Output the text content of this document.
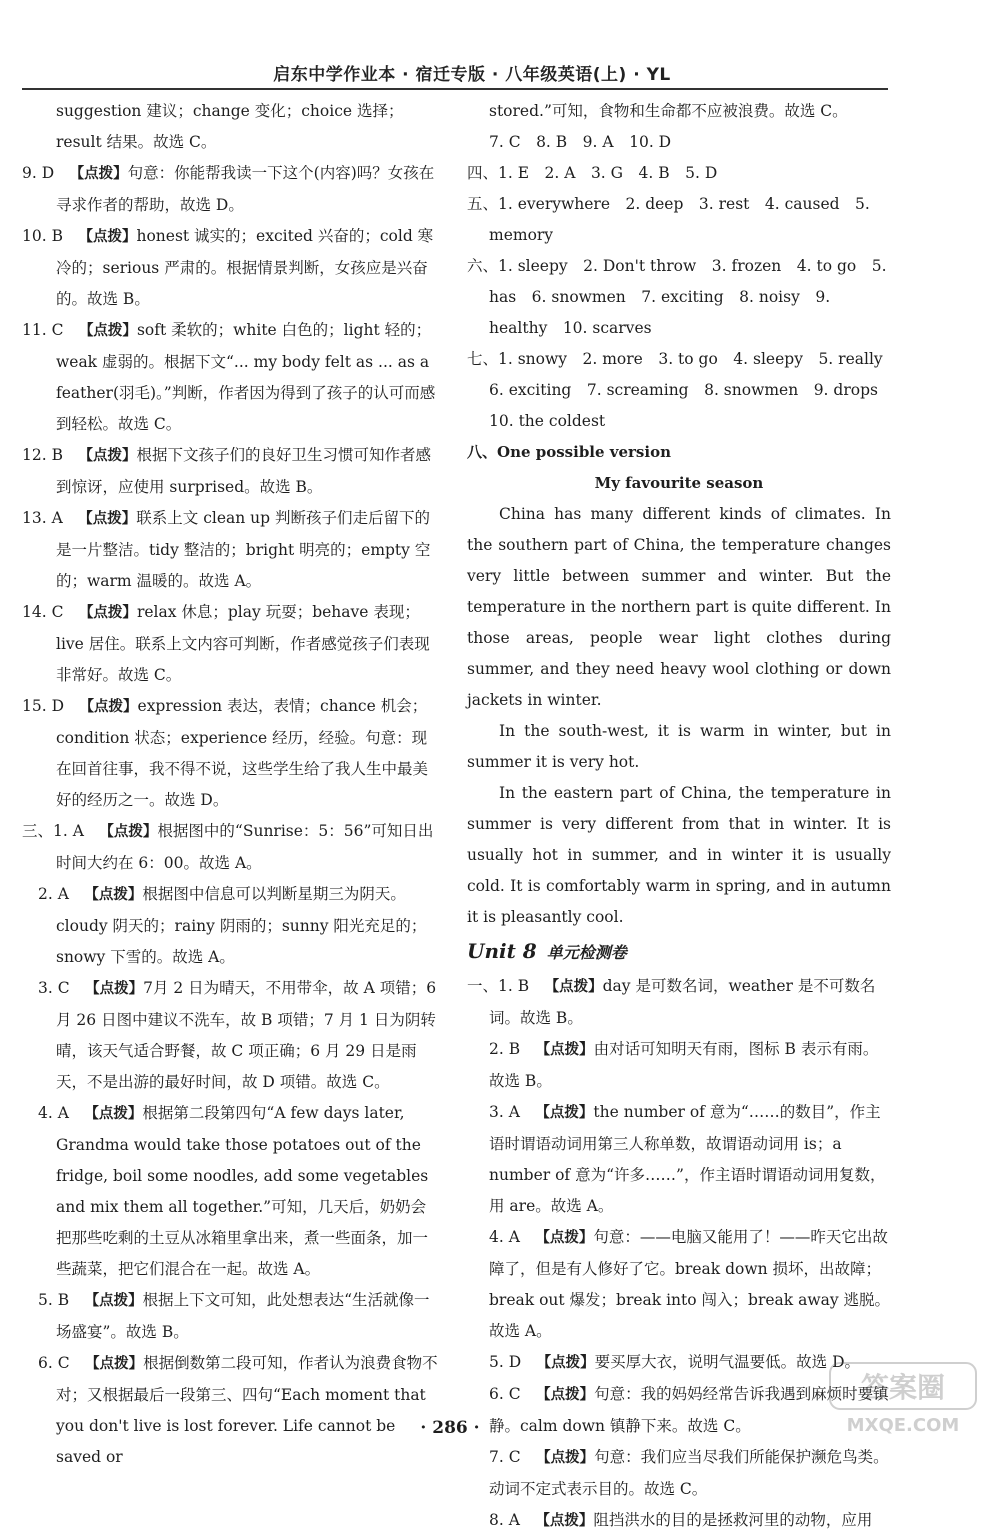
启东中学作业本 · 宿迁专版 · 八年级英语(上) · YL
suggestion 建议；change 变化；choice 选择；result 结果。故选 C。
9. D  【点拨】句意：你能帮我读一下这个(内容)吗？女孩在寻求作者的帮助，故选 D。
10. B  【点拨】honest 诚实的；excited 兴奋的；cold 寒冷的；serious 严肃的。根据情景判断，女孩应是兴奋的。故选 B。
11. C  【点拨】soft 柔软的；white 白色的；light 轻的；weak 虚弱的。根据下文“... my body felt as ... as a feather(羽毛)。”判断，作者因为得到了孩子的认可而感到轻松。故选 C。
12. B  【点拨】根据下文孩子们的良好卫生习惯可知作者感到惊讶，应使用 surprised。故选 B。
13. A  【点拨】联系上文 clean up 判断孩子们走后留下的是一片整洁。tidy 整洁的；bright 明亮的；empty 空的；warm 温暖的。故选 A。
14. C  【点拨】relax 休息；play 玩耍；behave 表现；live 居住。联系上文内容可判断，作者感觉孩子们表现非常好。故选 C。
15. D  【点拨】expression 表达，表情；chance 机会；condition 状态；experience 经历，经验。句意：现在回首往事，我不得不说，这些学生给了我人生中最美好的经历之一。故选 D。
三、1. A  【点拨】根据图中的“Sunrise：5：56”可知日出时间大约在 6：00。故选 A。
2. A  【点拨】根据图中信息可以判断星期三为阴天。cloudy 阴天的；rainy 阴雨的；sunny 阳光充足的；snowy 下雪的。故选 A。
3. C  【点拨】7月 2 日为晴天，不用带伞，故 A 项错；6 月 26 日图中建议不洗车，故 B 项错；7 月 1 日为阴转晴，该天气适合野餐，故 C 项正确；6 月 29 日是雨天，不是出游的最好时间，故 D 项错。故选 C。
4. A  【点拨】根据第二段第四句“A few days later, Grandma would take those potatoes out of the fridge, boil some noodles, add some vegetables and mix them all together.”可知，几天后，奶奶会把那些吃剩的土豆从冰箱里拿出来，煮一些面条，加一些蔬菜，把它们混合在一起。故选 A。
5. B  【点拨】根据上下文可知，此处想表达“生活就像一场盛宴”。故选 B。
6. C  【点拨】根据倒数第二段可知，作者认为浪费食物不对；又根据最后一段第三、四句“Each moment that you don't live is lost forever. Life cannot be saved or
stored.”可知，食物和生命都不应被浪费。故选 C。
7. C　8. B　9. A　10. D
四、1. E　2. A　3. G　4. B　5. D
五、1. everywhere　2. deep　3. rest　4. caused　5. memory
六、1. sleepy　2. Don't throw　3. frozen　4. to go　5. has　6. snowmen　7. exciting　8. noisy　9. healthy　10. scarves
七、1. snowy　2. more　3. to go　4. sleepy　5. really　6. exciting　7. screaming　8. snowmen　9. drops　10. the coldest
八、One possible version
My favourite season
China has many different kinds of climates. In the southern part of China, the temperature changes very little between summer and winter. But the temperature in the northern part is quite different. In those areas, people wear light clothes during summer, and they need heavy wool clothing or down jackets in winter.
In the south-west, it is warm in winter, but in summer it is very hot.
In the eastern part of China, the temperature in summer is very different from that in winter. It is usually hot in summer, and in winter it is usually cold. It is comfortably warm in spring, and in autumn it is pleasantly cool.
Unit 8 单元检测卷
一、1. B  【点拨】day 是可数名词，weather 是不可数名词。故选 B。
2. B  【点拨】由对话可知明天有雨，图标 B 表示有雨。故选 B。
3. A  【点拨】the number of 意为“……的数目”，作主语时谓语动词用第三人称单数，故谓语动词用 is；a number of 意为“许多……”，作主语时谓语动词用复数，用 are。故选 A。
4. A  【点拨】句意：——电脑又能用了！——昨天它出故障了，但是有人修好了它。break down 损坏，出故障；break out 爆发；break into 闯入；break away 逃脱。故选 A。
5. D  【点拨】要买厚大衣，说明气温要低。故选 D。
6. C  【点拨】句意：我的妈妈经常告诉我遇到麻烦时要镇静。calm down 镇静下来。故选 C。
7. C  【点拨】句意：我们应当尽我们所能保护濒危鸟类。动词不定式表示目的。故选 C。
8. A  【点拨】阻挡洪水的目的是拯救河里的动物，应用
· 286 ·
答案圈
MXQE.COM
